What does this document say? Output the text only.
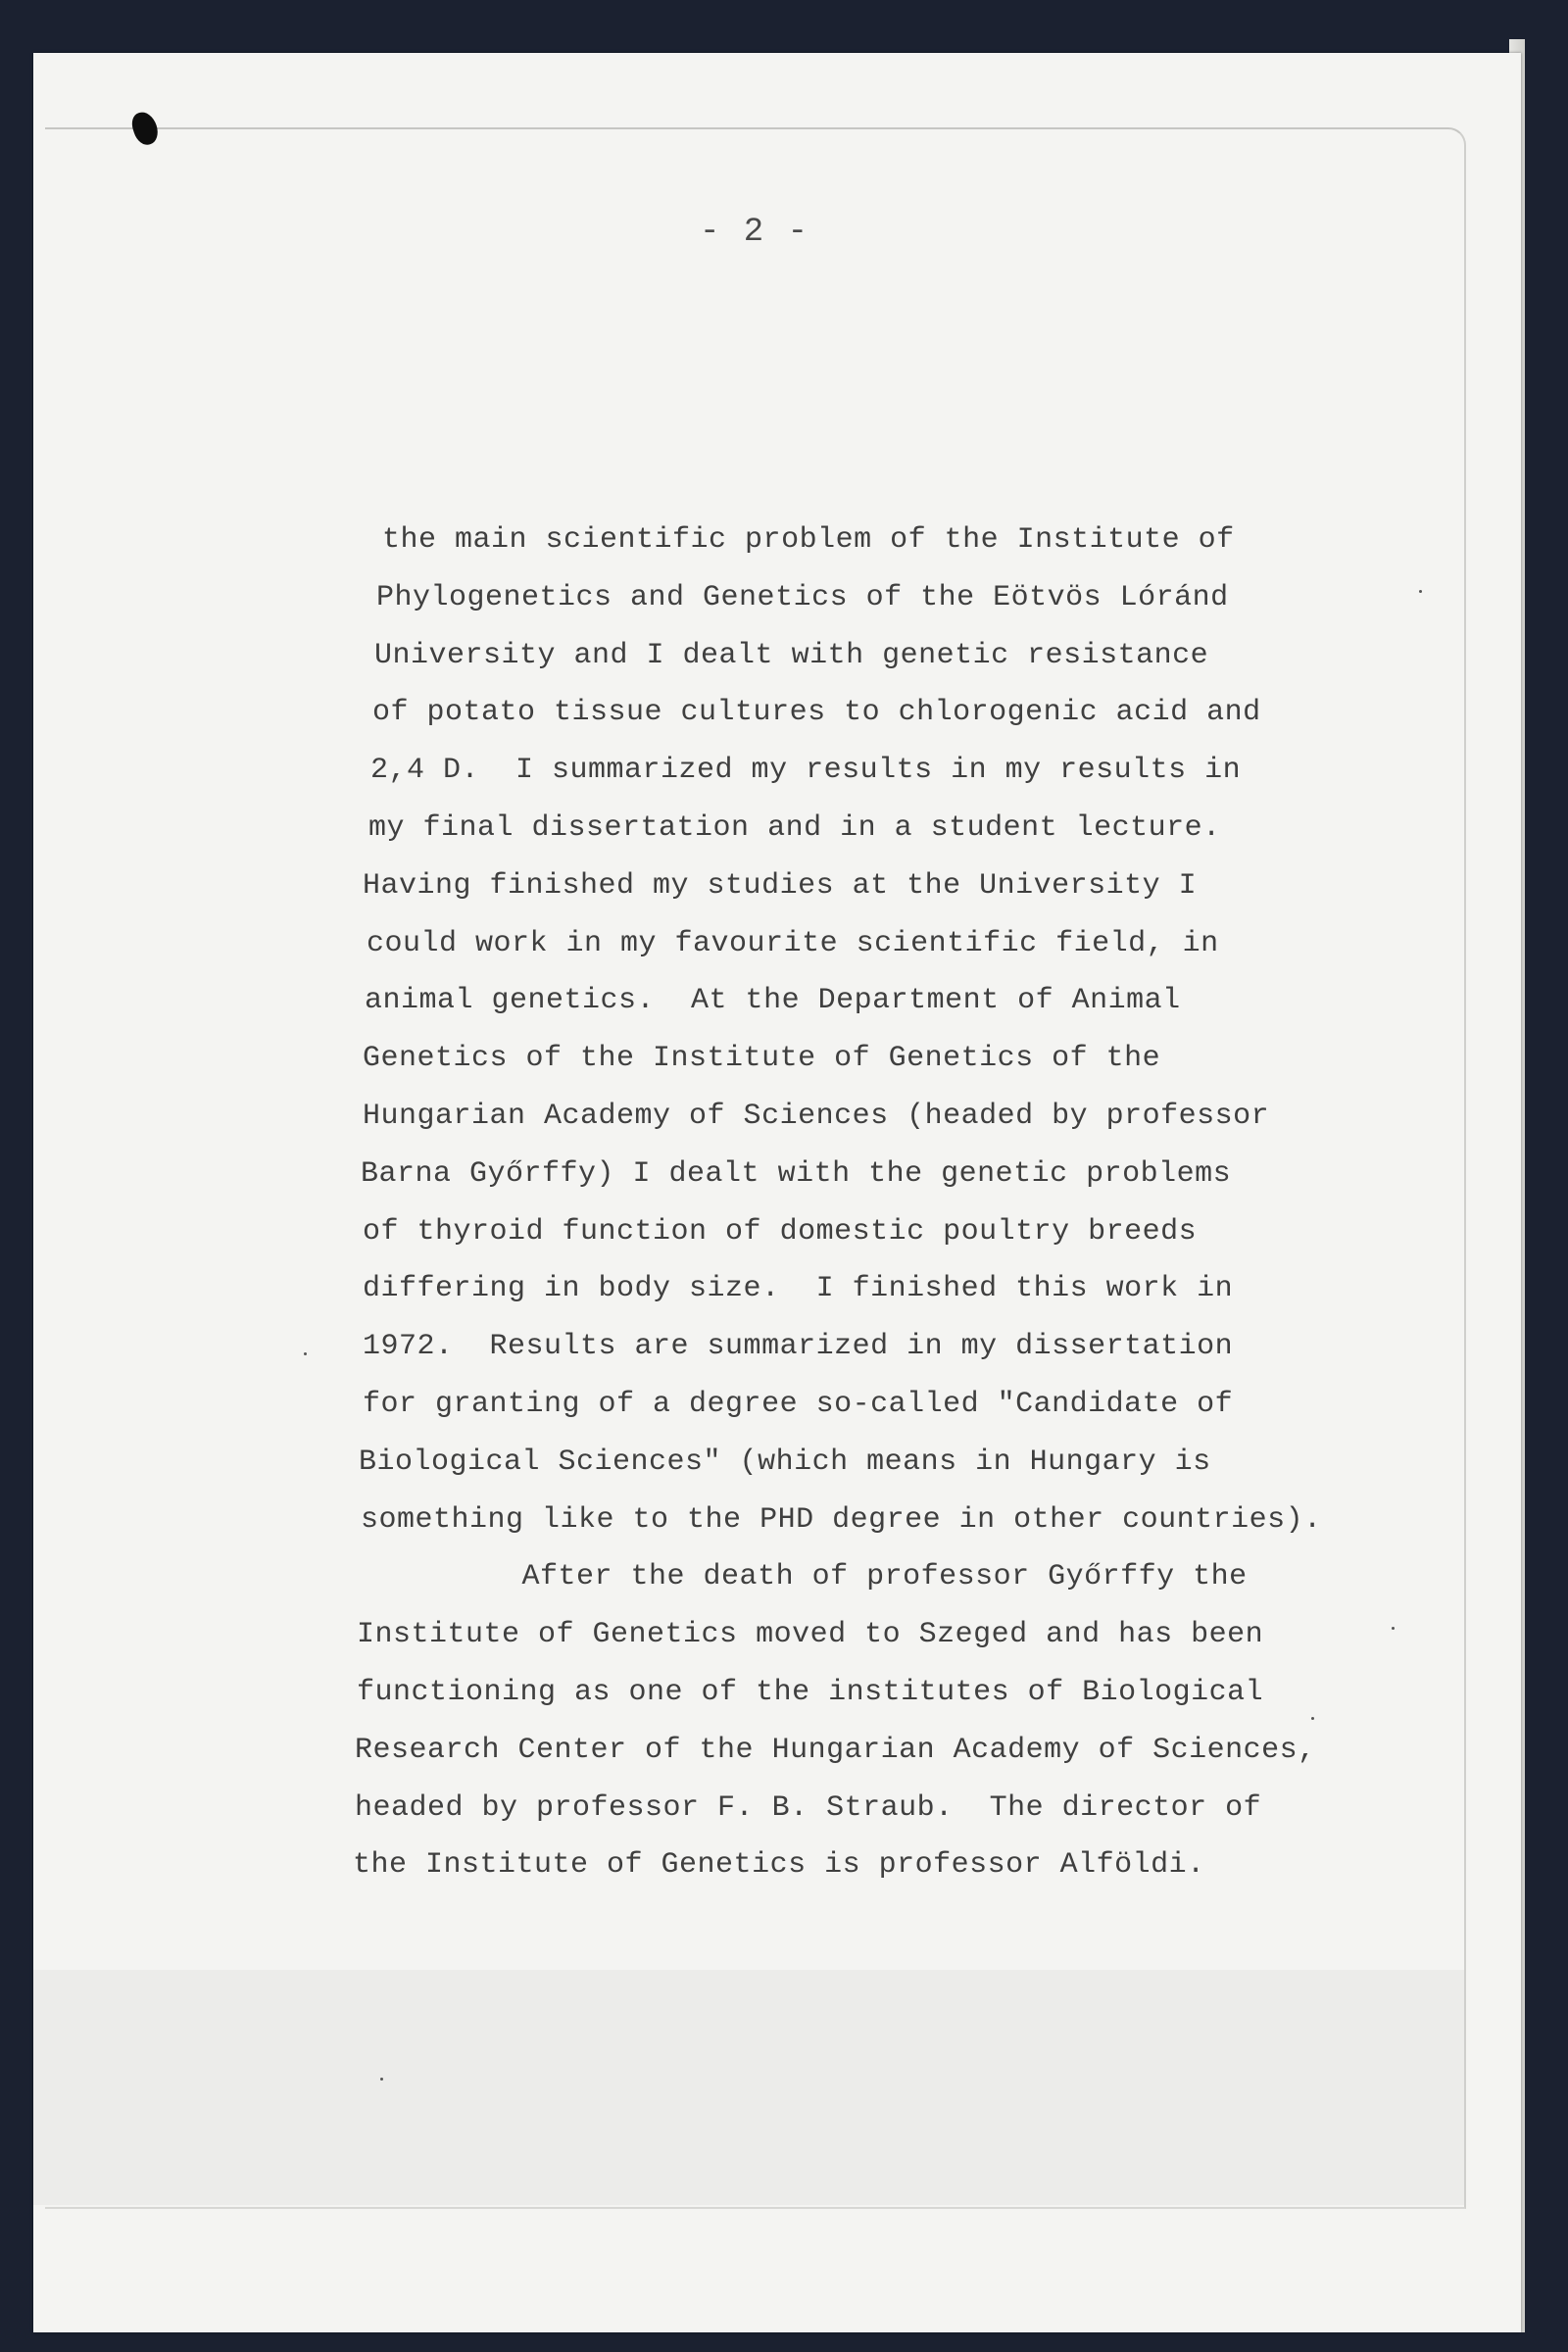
- 2 -
the main scientific problem of the Institute of
Phylogenetics and Genetics of the Eötvös Lóránd
University and I dealt with genetic resistance
of potato tissue cultures to chlorogenic acid and
2,4 D.  I summarized my results in my results in
my final dissertation and in a student lecture.
Having finished my studies at the University I
could work in my favourite scientific field, in
animal genetics.  At the Department of Animal
Genetics of the Institute of Genetics of the
Hungarian Academy of Sciences (headed by professor
Barna Győrffy) I dealt with the genetic problems
of thyroid function of domestic poultry breeds
differing in body size.  I finished this work in
1972.  Results are summarized in my dissertation
for granting of a degree so-called "Candidate of
Biological Sciences" (which means in Hungary is
something like to the PHD degree in other countries).
After the death of professor Győrffy the
Institute of Genetics moved to Szeged and has been
functioning as one of the institutes of Biological
Research Center of the Hungarian Academy of Sciences,
headed by professor F. B. Straub.  The director of
the Institute of Genetics is professor Alföldi.
